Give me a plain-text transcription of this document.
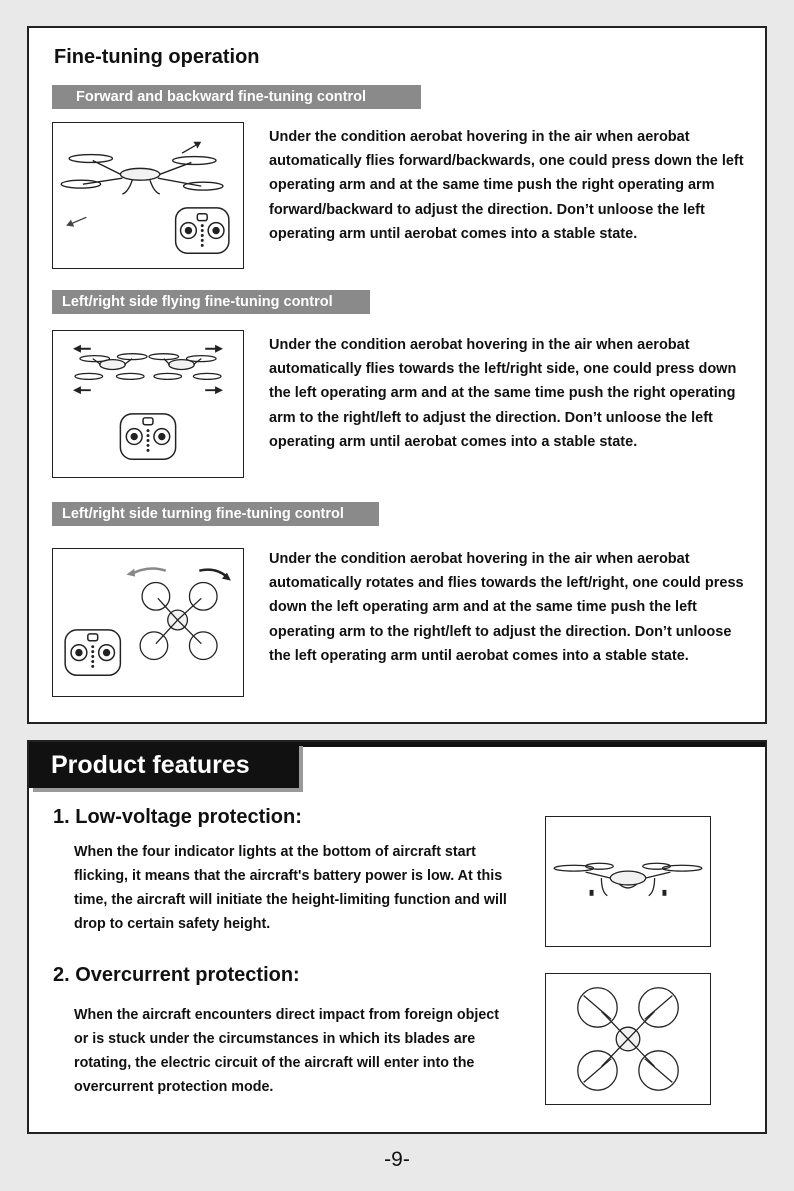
Fine-tuning operation
Forward and backward fine-tuning control
Under the condition aerobat hovering in the air when aerobat automatically flies forward/backwards, one could press down the left operating arm and at the same time push the right operating arm forward/backward to adjust the direction. Don’t unloose the left operating arm until aerobat comes into a stable state.
Left/right side flying fine-tuning control
Under the condition aerobat hovering in the air when aerobat automatically flies towards the left/right side, one could press down the left operating arm and at the same time push the right operating arm to the right/left to adjust the direction. Don’t unloose the left operating arm until aerobat comes into a stable state.
Left/right side turning fine-tuning control
Under the condition aerobat hovering in the air when aerobat automatically rotates and flies towards the left/right, one could press down the left operating arm and at the same time push the left operating arm to the right/left to adjust the direction. Don’t unloose the left operating arm until aerobat comes into a stable state.
Product features
1. Low-voltage protection:
When the four indicator lights at the bottom of aircraft start flicking, it means that the aircraft's battery power is low. At this time, the aircraft will initiate the height-limiting function and will drop to certain safety height.
2. Overcurrent protection:
When the aircraft encounters direct impact from foreign object or is stuck under the circumstances in which its blades are rotating, the electric circuit of the aircraft will enter into the overcurrent protection mode.
-9-
